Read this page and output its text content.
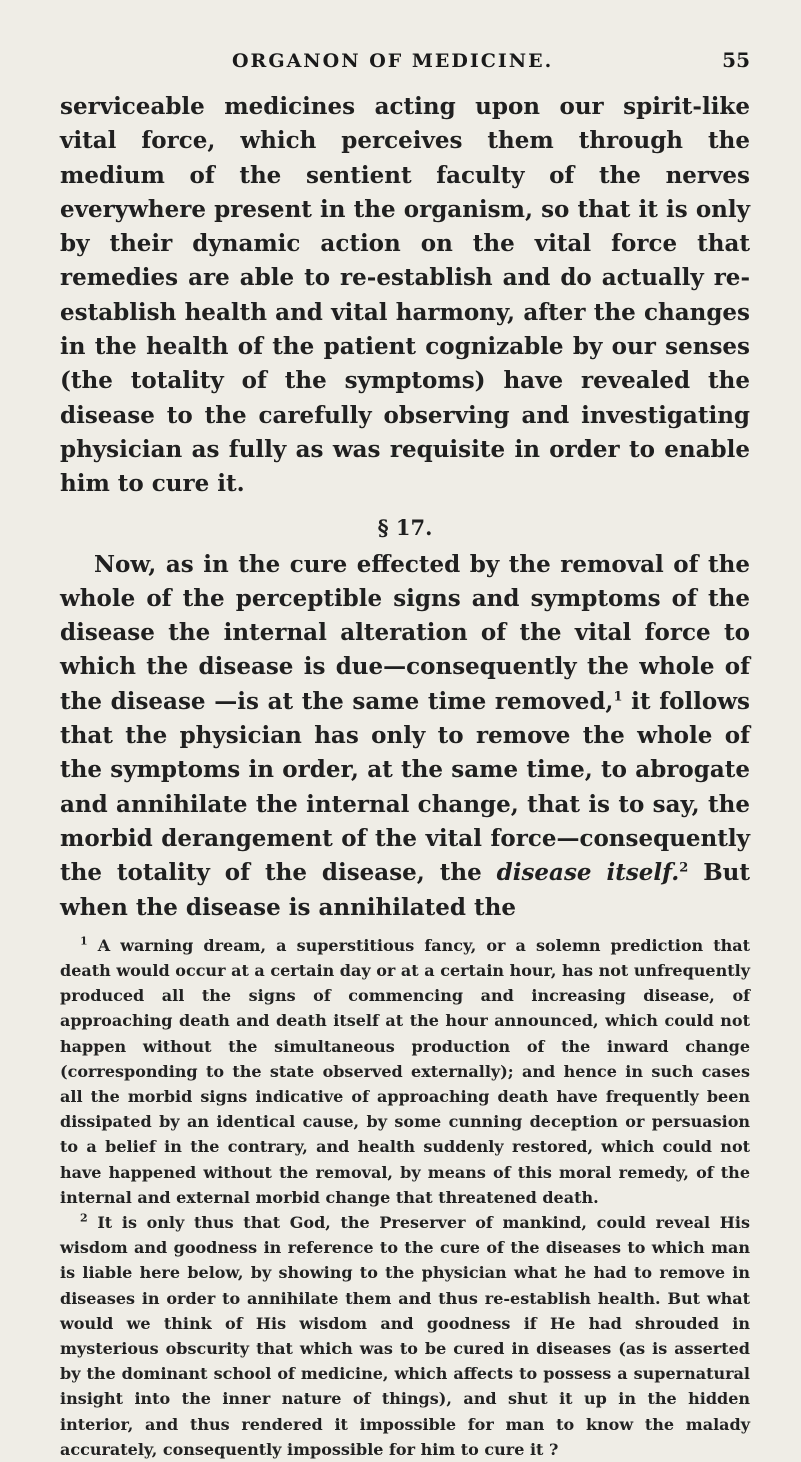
ORGANON OF MEDICINE.	55

serviceable medicines acting upon our spirit-like vital force, which perceives them through the medium of the sentient faculty of the nerves everywhere present in the organism, so that it is only by their dynamic action on the vital force that remedies are able to re-establish and do actually re-establish health and vital harmony, after the changes in the health of the patient cognizable by our senses (the totality of the symptoms) have revealed the disease to the carefully observing and investigating physician as fully as was requisite in order to enable him to cure it.

§ 17.

Now, as in the cure effected by the removal of the whole of the perceptible signs and symptoms of the disease the internal alteration of the vital force to which the disease is due—consequently the whole of the disease —is at the same time removed,$^1$ it follows that the physician has only to remove the whole of the symptoms in order, at the same time, to abrogate and annihilate the internal change, that is to say, the morbid derangement of the vital force—consequently the totality of the disease, the disease itself.$^2$ But when the disease is annihilated the

$^1$ A warning dream, a superstitious fancy, or a solemn prediction that death would occur at a certain day or at a certain hour, has not unfrequently produced all the signs of commencing and increasing disease, of approaching death and death itself at the hour announced, which could not happen without the simultaneous production of the inward change (corresponding to the state observed externally); and hence in such cases all the morbid signs indicative of approaching death have frequently been dissipated by an identical cause, by some cunning deception or persuasion to a belief in the contrary, and health suddenly restored, which could not have happened without the removal, by means of this moral remedy, of the internal and external morbid change that threatened death.

$^2$ It is only thus that God, the Preserver of mankind, could reveal His wisdom and goodness in reference to the cure of the diseases to which man is liable here below, by showing to the physician what he had to remove in diseases in order to annihilate them and thus re-establish health. But what would we think of His wisdom and goodness if He had shrouded in mysterious obscurity that which was to be cured in diseases (as is asserted by the dominant school of medicine, which affects to possess a supernatural insight into the inner nature of things), and shut it up in the hidden interior, and thus rendered it impossible for man to know the malady accurately, consequently impossible for him to cure it ?
